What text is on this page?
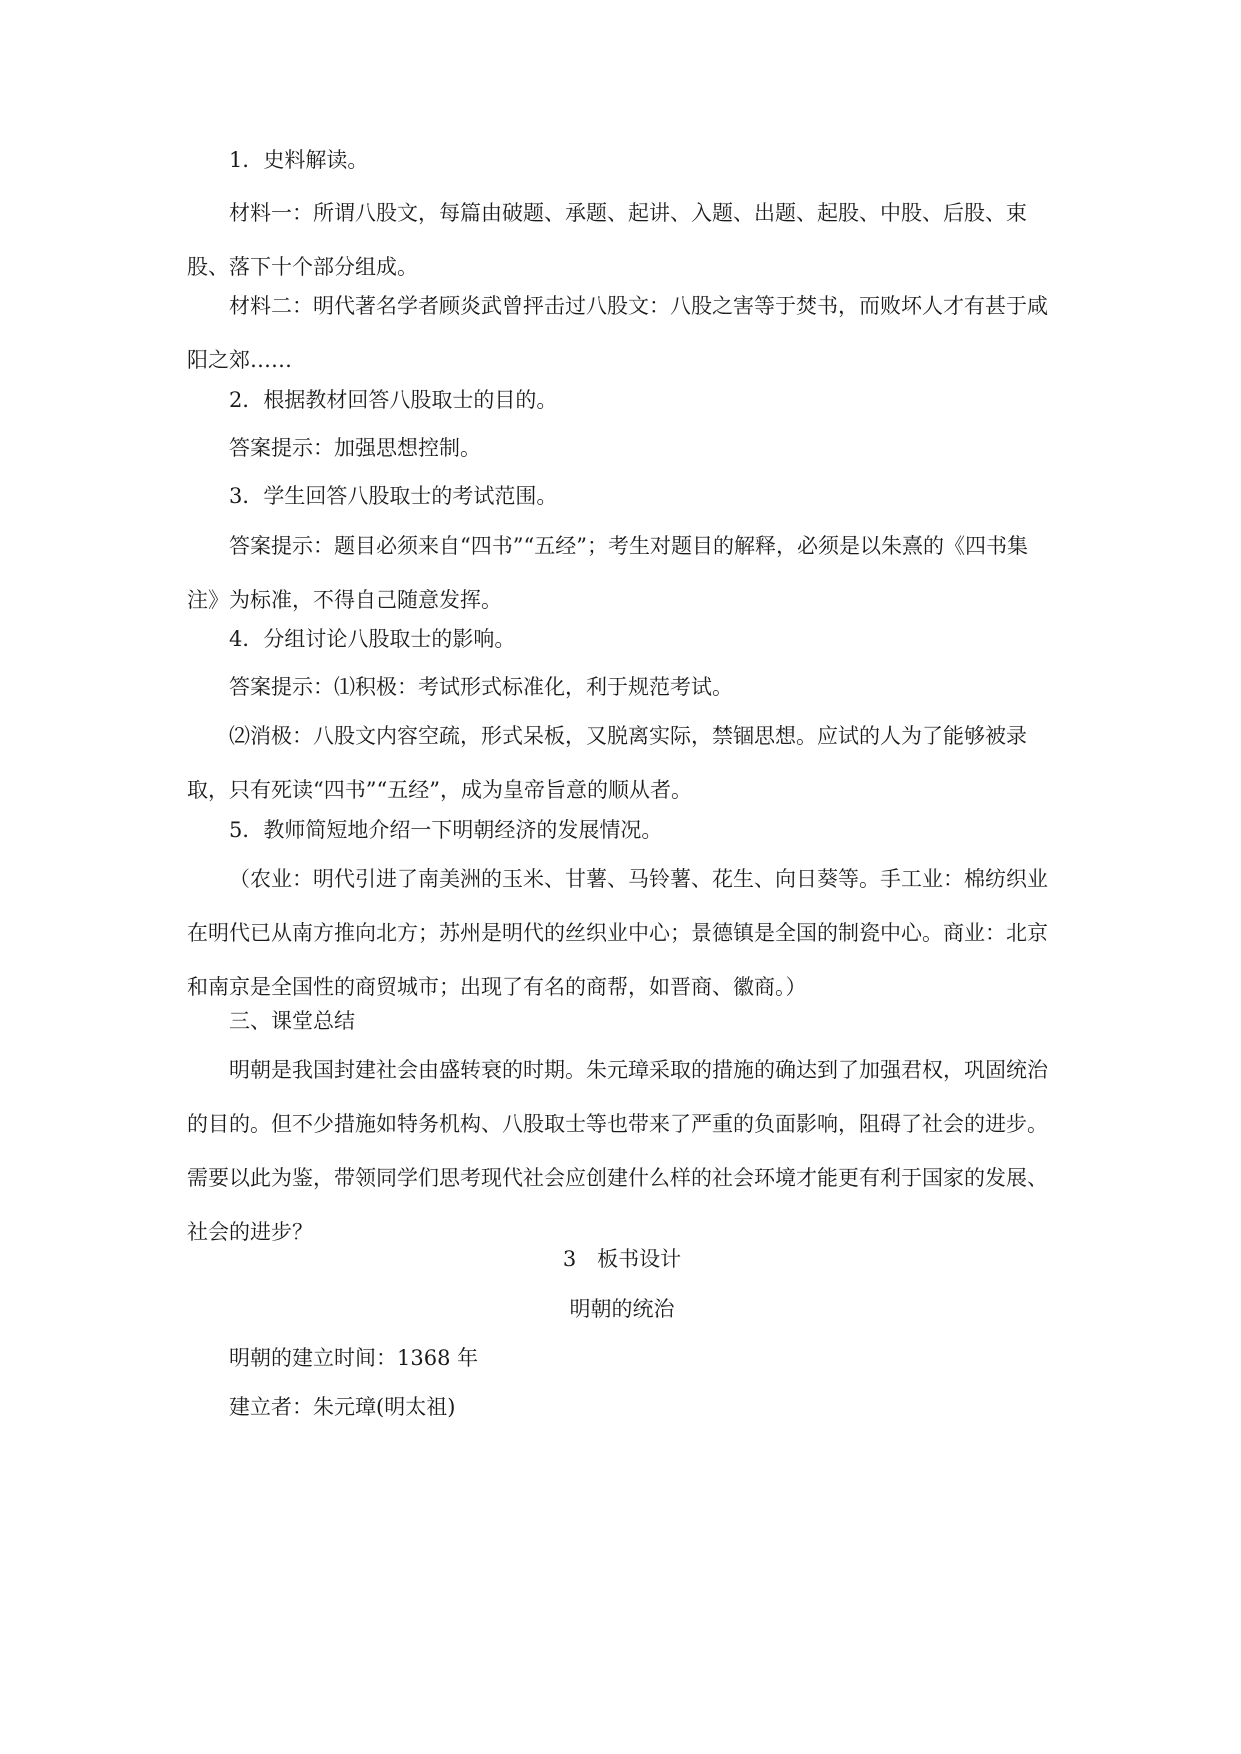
1．史料解读。

材料一：所谓八股文，每篇由破题、承题、起讲、入题、出题、起股、中股、后股、束股、落下十个部分组成。

材料二：明代著名学者顾炎武曾抨击过八股文：八股之害等于焚书，而败坏人才有甚于咸阳之郊……

2．根据教材回答八股取士的目的。

答案提示：加强思想控制。

3．学生回答八股取士的考试范围。

答案提示：题目必须来自“四书”“五经”；考生对题目的解释，必须是以朱熹的《四书集注》为标准，不得自己随意发挥。

4．分组讨论八股取士的影响。

答案提示：⑴积极：考试形式标准化，利于规范考试。

⑵消极：八股文内容空疏，形式呆板，又脱离实际，禁锢思想。应试的人为了能够被录取，只有死读“四书”“五经”，成为皇帝旨意的顺从者。

5．教师简短地介绍一下明朝经济的发展情况。

（农业：明代引进了南美洲的玉米、甘薯、马铃薯、花生、向日葵等。手工业：棉纺织业在明代已从南方推向北方；苏州是明代的丝织业中心；景德镇是全国的制瓷中心。商业：北京和南京是全国性的商贸城市；出现了有名的商帮，如晋商、徽商。）

三、课堂总结

明朝是我国封建社会由盛转衰的时期。朱元璋采取的措施的确达到了加强君权，巩固统治的目的。但不少措施如特务机构、八股取士等也带来了严重的负面影响，阻碍了社会的进步。需要以此为鉴，带领同学们思考现代社会应创建什么样的社会环境才能更有利于国家的发展、社会的进步？

3　板书设计

明朝的统治

明朝的建立时间：1368 年

建立者：朱元璋(明太祖)
